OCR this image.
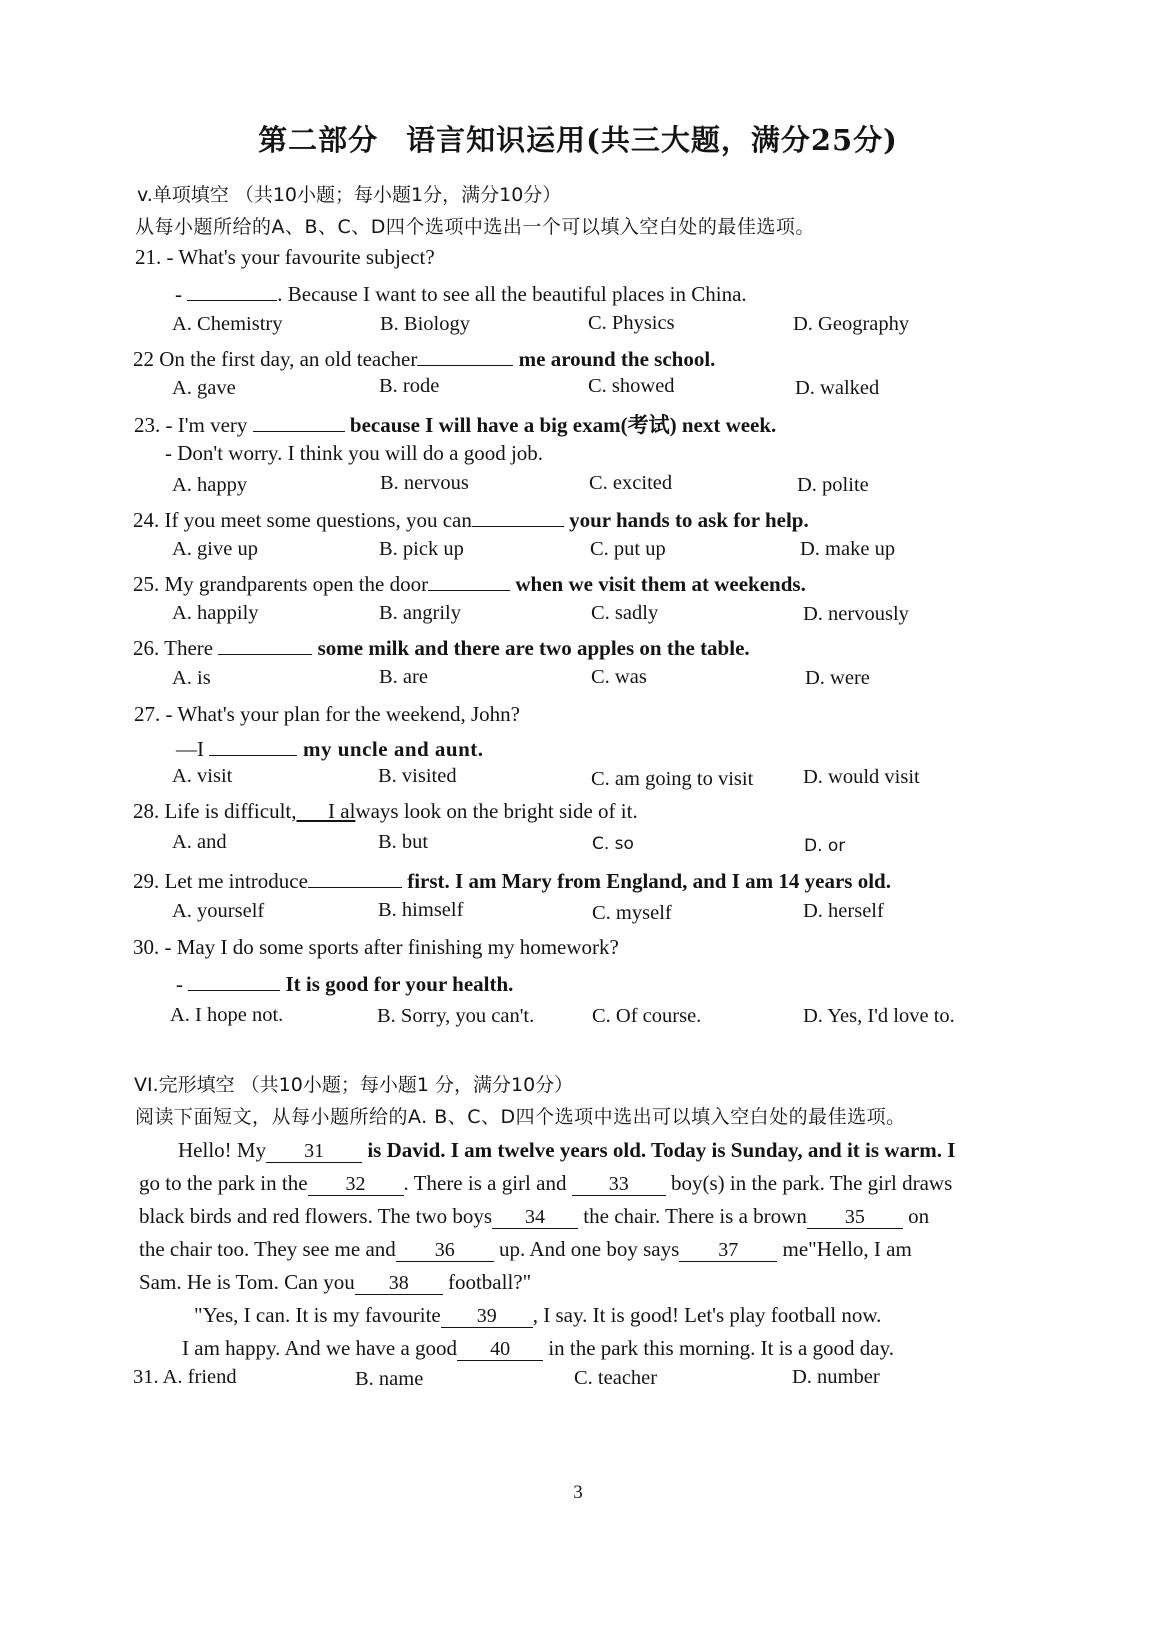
第二部分 语言知识运用(共三大题，满分25分)
v.单项填空 （共10小题；每小题1分，满分10分）
从每小题所给的A、B、C、D四个选项中选出一个可以填入空白处的最佳选项。
21. - What's your favourite subject?
-	. Because I want to see all the beautiful places in China.
A. Chemistry	B. Biology	C. Physics	D. Geography
22 On the first day, an old teacher	me around the school.
A. gave	B. rode	C. showed	D. walked
23. - I'm very	because I will have a big exam(考试) next week.
- Don't worry. I think you will do a good job.
A. happy	B. nervous	C. excited	D. polite
24. If you meet some questions, you can	your hands to ask for help.
A. give up	B. pick up	C. put up	D. make up
25. My grandparents open the door	when we visit them at weekends.
A. happily	B. angrily	C. sadly	D. nervously
26. There	some milk and there are two apples on the table.
A. is	B. are	C. was	D. were
27. - What's your plan for the weekend, John?
—I	my uncle and aunt.
A. visit	B. visited	C. am going to visit D. would visit
28. Life is difficult,      I always look on the bright side of it.
A. and	B. but	C. so	D. or
29. Let me introduce	first. I am Mary from England, and I am 14 years old.
A. yourself	B. himself	C. myself	D. herself
30. - May I do some sports after finishing my homework?
-	It is good for your health.
A. I hope not.	B. Sorry, you can't.	C. Of course.	D. Yes, I'd love to.
VI.完形填空 （共10小题；每小题1 分，满分10分）
阅读下面短文，从每小题所给的A. B、C、D四个选项中选出可以填入空白处的最佳选项。
Hello! My 31 is David. I am twelve years old. Today is Sunday, and it is warm. I
go to the park in the 32 . There is a girl and 33 boy(s) in the park. The girl draws
black birds and red flowers. The two boys 34 the chair. There is a brown 35 on
the chair too. They see me and 36 up. And one boy says 37 me"Hello, I am
Sam. He is Tom. Can you 38 football?"
"Yes, I can. It is my favourite 39 , I say. It is good! Let's play football now.
I am happy. And we have a good 40 in the park this morning. It is a good day.
31. A. friend	B. name	C. teacher	D. number
3
